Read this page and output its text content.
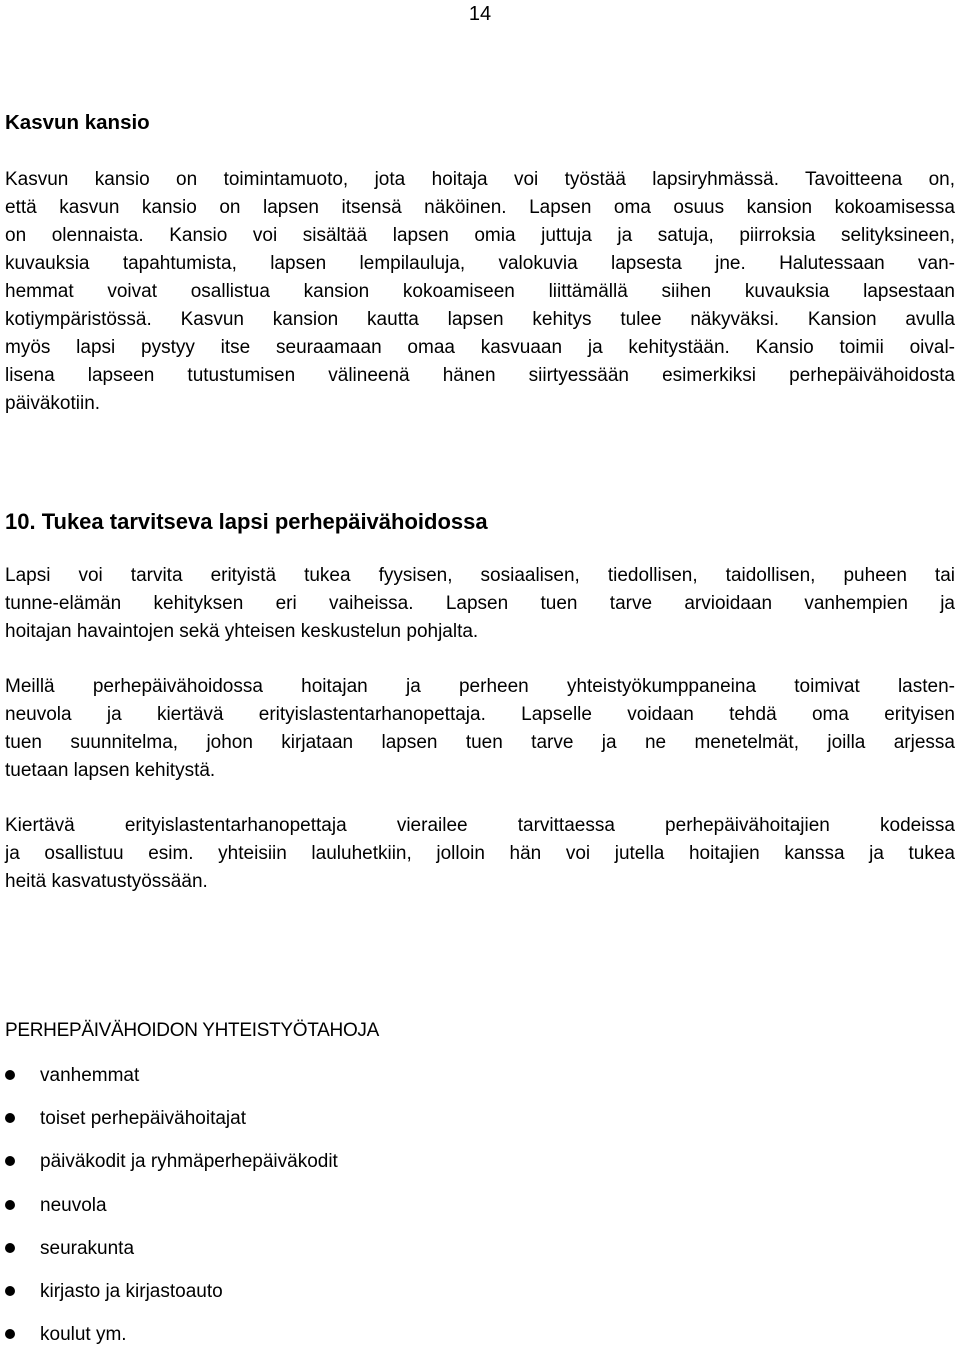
14
Kasvun kansio

Kasvun kansio on toimintamuoto, jota hoitaja voi työstää lapsiryhmässä. Tavoitteena on,
että kasvun kansio on lapsen itsensä näköinen. Lapsen oma osuus kansion kokoamisessa
on olennaista. Kansio voi sisältää lapsen omia juttuja ja satuja, piirroksia selityksineen,
kuvauksia tapahtumista, lapsen lempilauluja, valokuvia lapsesta jne. Halutessaan van-
hemmat voivat osallistua kansion kokoamiseen liittämällä siihen kuvauksia lapsestaan
kotiympäristössä. Kasvun kansion kautta lapsen kehitys tulee näkyväksi. Kansion avulla
myös lapsi pystyy itse seuraamaan omaa kasvuaan ja kehitystään. Kansio toimii oival-
lisena lapseen tutustumisen välineenä hänen siirtyessään esimerkiksi perhepäivähoidosta
päiväkotiin.

10. Tukea tarvitseva lapsi perhepäivähoidossa

Lapsi voi tarvita erityistä tukea fyysisen, sosiaalisen, tiedollisen, taidollisen, puheen tai
tunne-elämän kehityksen eri vaiheissa. Lapsen tuen tarve arvioidaan vanhempien ja
hoitajan havaintojen sekä yhteisen keskustelun pohjalta.

Meillä perhepäivähoidossa hoitajan ja perheen yhteistyökumppaneina toimivat lasten-
neuvola ja kiertävä erityislastentarhanopettaja. Lapselle voidaan tehdä oma erityisen
tuen suunnitelma, johon kirjataan lapsen tuen tarve ja ne menetelmät, joilla arjessa
tuetaan lapsen kehitystä.

Kiertävä erityislastentarhanopettaja vierailee tarvittaessa perhepäivähoitajien kodeissa
ja osallistuu esim. yhteisiin lauluhetkiin, jolloin hän voi jutella hoitajien kanssa ja tukea
heitä kasvatustyössään.

PERHEPÄIVÄHOIDON YHTEISTYÖTAHOJA
vanhemmat
toiset perhepäivähoitajat
päiväkodit ja ryhmäperhepäiväkodit
neuvola
seurakunta
kirjasto ja kirjastoauto
koulut ym.
